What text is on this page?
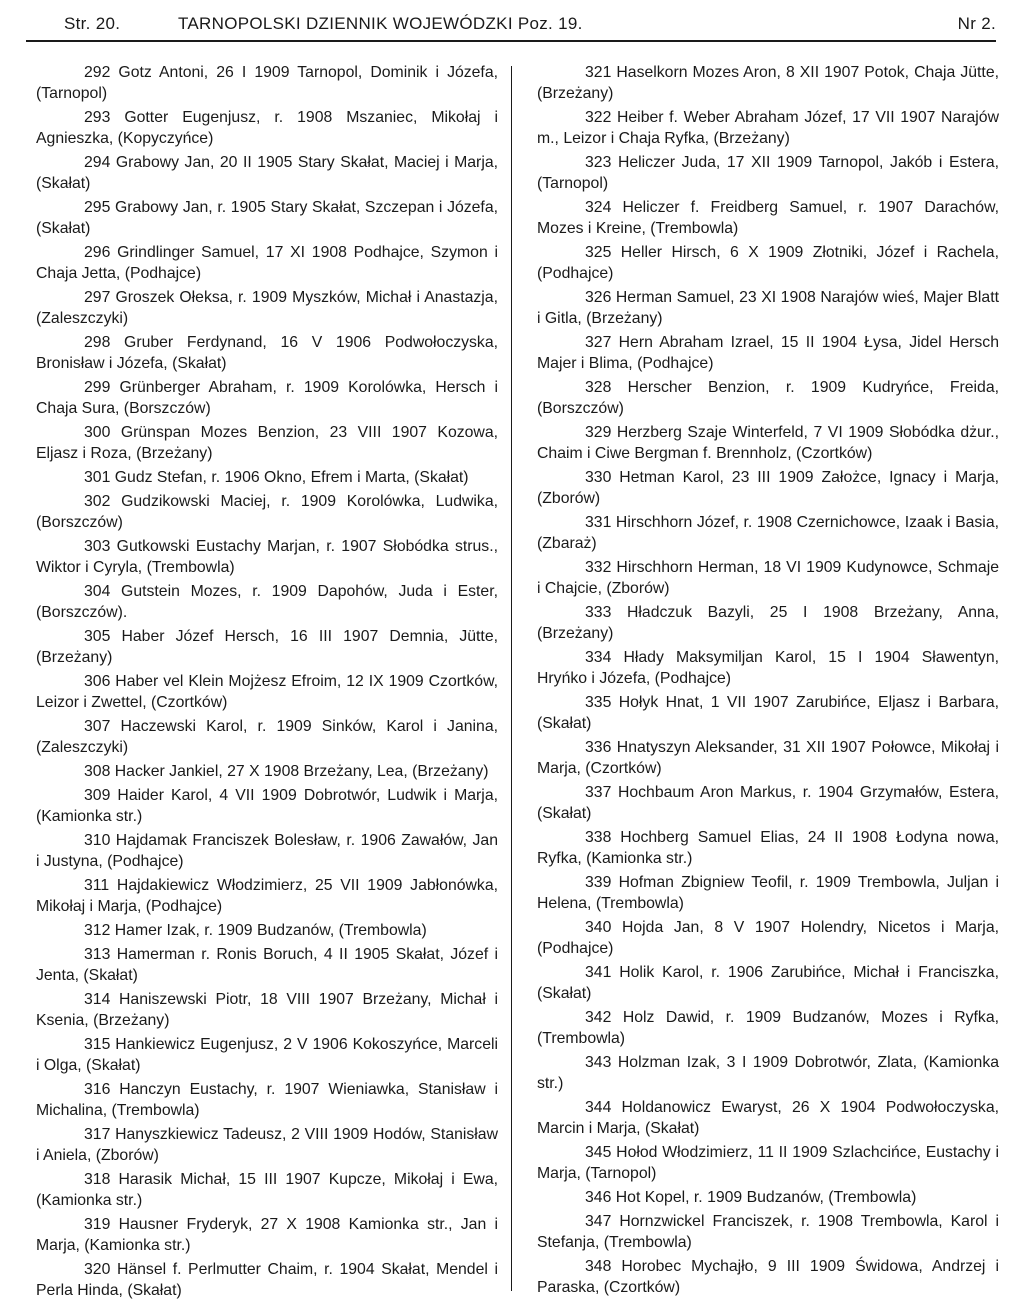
Str. 20.	TARNOPOLSKI DZIENNIK WOJEWÓDZKI Poz. 19.	Nr 2.

292 Gotz Antoni, 26 I 1909 Tarnopol, Dominik i Józefa, (Tarnopol)

293 Gotter Eugenjusz, r. 1908 Mszaniec, Mikołaj i Agnieszka, (Kopyczyńce)

294 Grabowy Jan, 20 II 1905 Stary Skałat, Maciej i Marja, (Skałat)

295 Grabowy Jan, r. 1905 Stary Skałat, Szczepan i Józefa, (Skałat)

296 Grindlinger Samuel, 17 XI 1908 Podhajce, Szymon i Chaja Jetta, (Podhajce)

297 Groszek Ołeksa, r. 1909 Myszków, Michał i Anastazja, (Zaleszczyki)

298 Gruber Ferdynand, 16 V 1906 Podwołoczyska, Bronisław i Józefa, (Skałat)

299 Grünberger Abraham, r. 1909 Korolówka, Hersch i Chaja Sura, (Borszczów)

300 Grünspan Mozes Benzion, 23 VIII 1907 Kozowa, Eljasz i Roza, (Brzeżany)

301 Gudz Stefan, r. 1906 Okno, Efrem i Marta, (Skałat)

302 Gudzikowski Maciej, r. 1909 Korolówka, Ludwika, (Borszczów)

303 Gutkowski Eustachy Marjan, r. 1907 Słobódka strus., Wiktor i Cyryla, (Trembowla)

304 Gutstein Mozes, r. 1909 Dapohów, Juda i Ester, (Borszczów).

305 Haber Józef Hersch, 16 III 1907 Demnia, Jütte, (Brzeżany)

306 Haber vel Klein Mojżesz Efroim, 12 IX 1909 Czortków, Leizor i Zwettel, (Czortków)

307 Haczewski Karol, r. 1909 Sinków, Karol i Janina, (Zaleszczyki)

308 Hacker Jankiel, 27 X 1908 Brzeżany, Lea, (Brzeżany)

309 Haider Karol, 4 VII 1909 Dobrotwór, Ludwik i Marja, (Kamionka str.)

310 Hajdamak Franciszek Bolesław, r. 1906 Zawałów, Jan i Justyna, (Podhajce)

311 Hajdakiewicz Włodzimierz, 25 VII 1909 Jabłonówka, Mikołaj i Marja, (Podhajce)

312 Hamer Izak, r. 1909 Budzanów, (Trembowla)

313 Hamerman r. Ronis Boruch, 4 II 1905 Skałat, Józef i Jenta, (Skałat)

314 Haniszewski Piotr, 18 VIII 1907 Brzeżany, Michał i Ksenia, (Brzeżany)

315 Hankiewicz Eugenjusz, 2 V 1906 Kokoszyńce, Marceli i Olga, (Skałat)

316 Hanczyn Eustachy, r. 1907 Wieniawka, Stanisław i Michalina, (Trembowla)

317 Hanyszkiewicz Tadeusz, 2 VIII 1909 Hodów, Stanisław i Aniela, (Zborów)

318 Harasik Michał, 15 III 1907 Kupcze, Mikołaj i Ewa, (Kamionka str.)

319 Hausner Fryderyk, 27 X 1908 Kamionka str., Jan i Marja, (Kamionka str.)

320 Hänsel f. Perlmutter Chaim, r. 1904 Skałat, Mendel i Perla Hinda, (Skałat)

321 Haselkorn Mozes Aron, 8 XII 1907 Potok, Chaja Jütte, (Brzeżany)

322 Heiber f. Weber Abraham Józef, 17 VII 1907 Narajów m., Leizor i Chaja Ryfka, (Brzeżany)

323 Heliczer Juda, 17 XII 1909 Tarnopol, Jakób i Estera, (Tarnopol)

324 Heliczer f. Freidberg Samuel, r. 1907 Darachów, Mozes i Kreine, (Trembowla)

325 Heller Hirsch, 6 X 1909 Złotniki, Józef i Rachela, (Podhajce)

326 Herman Samuel, 23 XI 1908 Narajów wieś, Majer Blatt i Gitla, (Brzeżany)

327 Hern Abraham Izrael, 15 II 1904 Łysa, Jidel Hersch Majer i Blima, (Podhajce)

328 Herscher Benzion, r. 1909 Kudryńce, Freida, (Borszczów)

329 Herzberg Szaje Winterfeld, 7 VI 1909 Słobódka dżur., Chaim i Ciwe Bergman f. Brennholz, (Czortków)

330 Hetman Karol, 23 III 1909 Założce, Ignacy i Marja, (Zborów)

331 Hirschhorn Józef, r. 1908 Czernichowce, Izaak i Basia, (Zbaraż)

332 Hirschhorn Herman, 18 VI 1909 Kudynowce, Schmaje i Chajcie, (Zborów)

333 Hładczuk Bazyli, 25 I 1908 Brzeżany, Anna, (Brzeżany)

334 Hłady Maksymiljan Karol, 15 I 1904 Sławentyn, Hryńko i Józefa, (Podhajce)

335 Hołyk Hnat, 1 VII 1907 Zarubińce, Eljasz i Barbara, (Skałat)

336 Hnatyszyn Aleksander, 31 XII 1907 Połowce, Mikołaj i Marja, (Czortków)

337 Hochbaum Aron Markus, r. 1904 Grzymałów, Estera, (Skałat)

338 Hochberg Samuel Elias, 24 II 1908 Łodyna nowa, Ryfka, (Kamionka str.)

339 Hofman Zbigniew Teofil, r. 1909 Trembowla, Juljan i Helena, (Trembowla)

340 Hojda Jan, 8 V 1907 Holendry, Nicetos i Marja, (Podhajce)

341 Holik Karol, r. 1906 Zarubińce, Michał i Franciszka, (Skałat)

342 Holz Dawid, r. 1909 Budzanów, Mozes i Ryfka, (Trembowla)

343 Holzman Izak, 3 I 1909 Dobrotwór, Zlata, (Kamionka str.)

344 Holdanowicz Ewaryst, 26 X 1904 Podwołoczyska, Marcin i Marja, (Skałat)

345 Hołod Włodzimierz, 11 II 1909 Szlachcińce, Eustachy i Marja, (Tarnopol)

346 Hot Kopel, r. 1909 Budzanów, (Trembowla)

347 Hornzwickel Franciszek, r. 1908 Trembowla, Karol i Stefanja, (Trembowla)

348 Horobec Mychajło, 9 III 1909 Świdowa, Andrzej i Paraska, (Czortków)
